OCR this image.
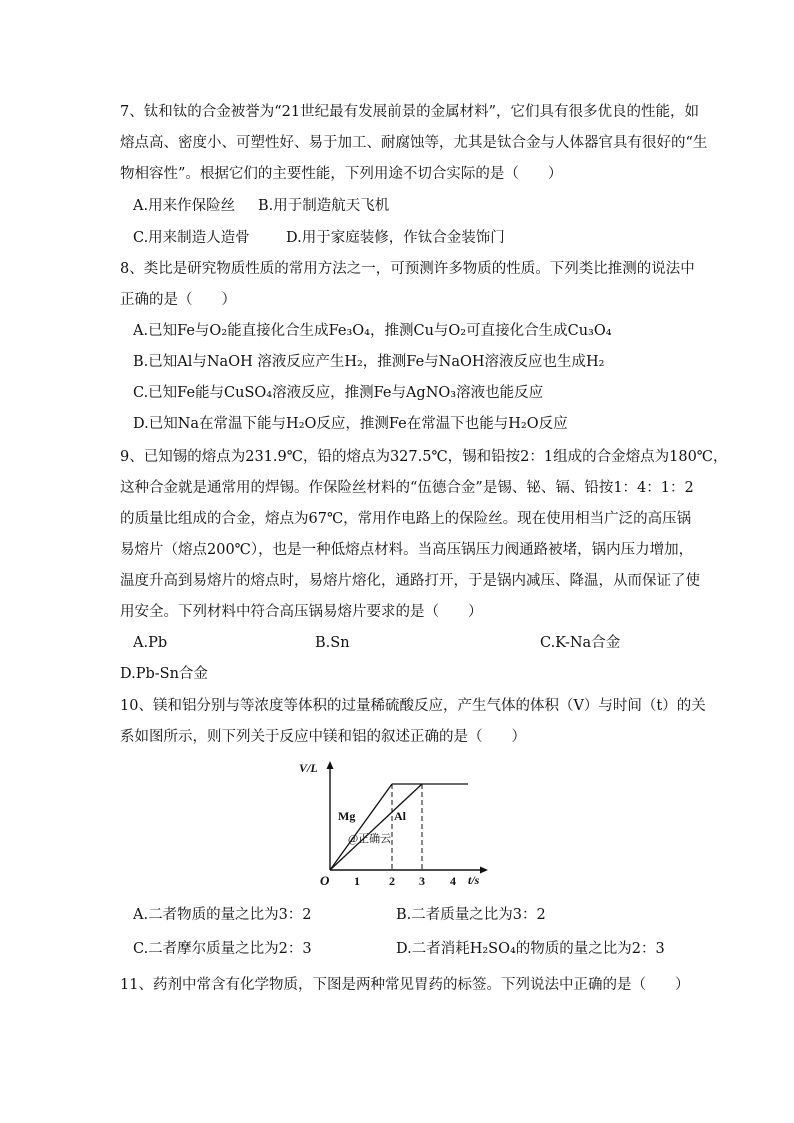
7、钛和钛的合金被誉为“21世纪最有发展前景的金属材料”，它们具有很多优良的性能，如
熔点高、密度小、可塑性好、易于加工、耐腐蚀等，尤其是钛合金与人体器官具有很好的“生
物相容性”。根据它们的主要性能，下列用途不切合实际的是（　　）
A.用来作保险丝 B.用于制造航天飞机
C.用来制造人造骨	D.用于家庭装修，作钛合金装饰门
8、类比是研究物质性质的常用方法之一，可预测许多物质的性质。下列类比推测的说法中
正确的是（　　）
A.已知Fe与O₂能直接化合生成Fe₃O₄，推测Cu与O₂可直接化合生成Cu₃O₄
B.已知Al与NaOH 溶液反应产生H₂，推测Fe与NaOH溶液反应也生成H₂
C.已知Fe能与CuSO₄溶液反应，推测Fe与AgNO₃溶液也能反应
D.已知Na在常温下能与H₂O反应，推测Fe在常温下也能与H₂O反应
9、已知锡的熔点为231.9℃，铅的熔点为327.5℃，锡和铅按2：1组成的合金熔点为180℃，
这种合金就是通常用的焊锡。作保险丝材料的“伍德合金”是锡、铋、镉、铅按1：4：1：2
的质量比组成的合金，熔点为67℃，常用作电路上的保险丝。现在使用相当广泛的高压锅
易熔片（熔点200℃），也是一种低熔点材料。当高压锅压力阀通路被堵，锅内压力增加，
温度升高到易熔片的熔点时，易熔片熔化，通路打开，于是锅内减压、降温，从而保证了使
用安全。下列材料中符合高压锅易熔片要求的是（　　）
A.Pb	B.Sn	C.K-Na合金
D.Pb-Sn合金
10、镁和铝分别与等浓度等体积的过量稀硫酸反应，产生气体的体积（V）与时间（t）的关
系如图所示，则下列关于反应中镁和铝的叙述正确的是（　　）
V/L
t/s
O 1 2 3 4
Mg	Al
@正确云
A.二者物质的量之比为3：2	B.二者质量之比为3：2
C.二者摩尔质量之比为2：3	D.二者消耗H₂SO₄的物质的量之比为2：3
11、药剂中常含有化学物质，下图是两种常见胃药的标签。下列说法中正确的是（　　）
